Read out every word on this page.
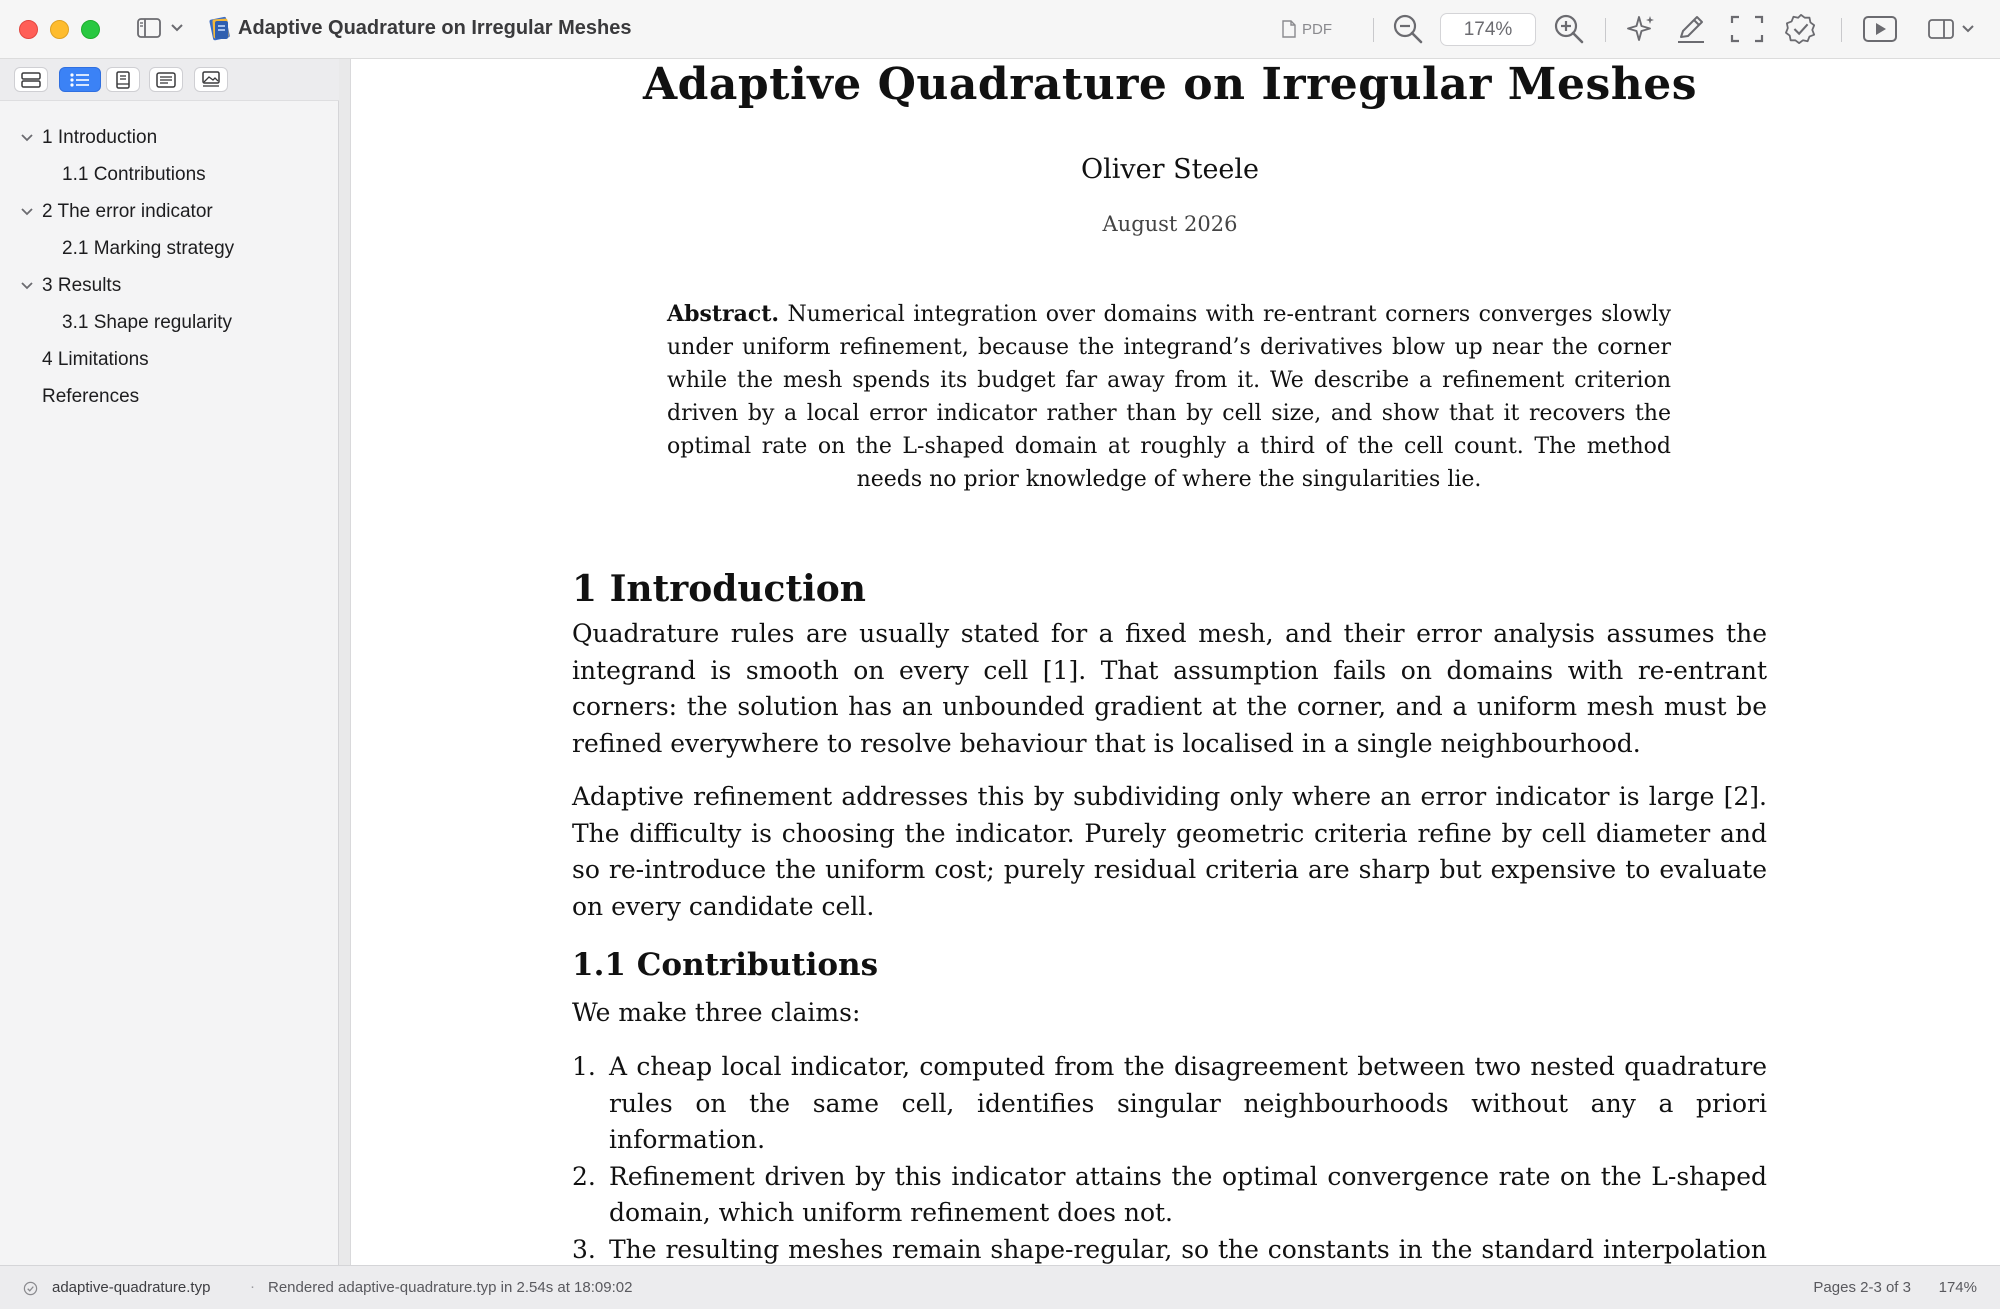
Adaptive Quadrature on Irregular Meshes	PDF	174%
1 Introduction
1.1 Contributions
2 The error indicator
2.1 Marking strategy
3 Results
3.1 Shape regularity
4 Limitations
References
Adaptive Quadrature on Irregular Meshes
Oliver Steele
August 2026
Abstract. Numerical integration over domains with re-entrant corners converges slowly under uniform refinement, because the integrand’s derivatives blow up near the corner while the mesh spends its budget far away from it. We describe a refinement criterion driven by a local error indicator rather than by cell size, and show that it recovers the optimal rate on the L-shaped domain at roughly a third of the cell count. The method needs no prior knowledge of where the singularities lie.
1 Introduction
Quadrature rules are usually stated for a fixed mesh, and their error analysis assumes the integrand is smooth on every cell [1]. That assumption fails on domains with re-entrant corners: the solution has an unbounded gradient at the corner, and a uniform mesh must be refined everywhere to resolve behaviour that is localised in a single neighbourhood.
Adaptive refinement addresses this by subdividing only where an error indicator is large [2]. The difficulty is choosing the indicator. Purely geometric criteria refine by cell diameter and so re-introduce the uniform cost; purely residual criteria are sharp but expensive to evaluate on every candidate cell.
1.1 Contributions
We make three claims:
1. A cheap local indicator, computed from the disagreement between two nested quadrature rules on the same cell, identifies singular neighbourhoods without any a priori information.
2. Refinement driven by this indicator attains the optimal convergence rate on the L-shaped domain, which uniform refinement does not.
3. The resulting meshes remain shape-regular, so the constants in the standard interpolation
adaptive-quadrature.typ	· Rendered adaptive-quadrature.typ in 2.54s at 18:09:02	Pages 2-3 of 3 174%
